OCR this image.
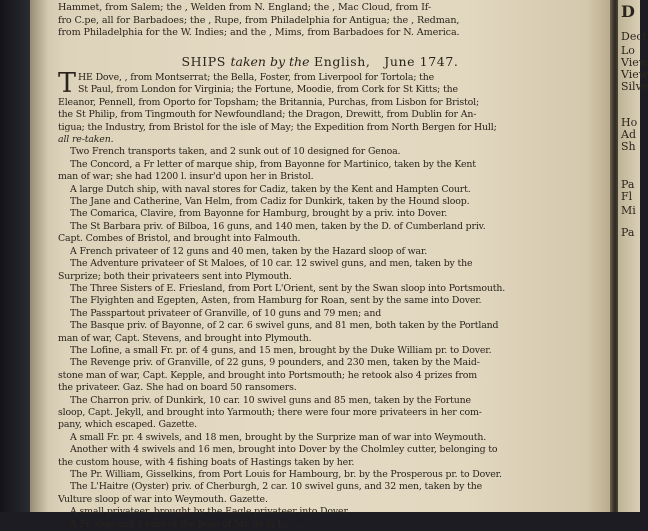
Hammet, from Salem; the , Welden from N. England; the , Mac Cloud, from If-
fro C.pe, all for Barbadoes; the , Rupe, from Philadelphia for Antigua; the , Redman,
from Philadelphia for the W. Indies; and the , Mims, from Barbadoes for N. America.
SHIPS taken by the English, June 1747.
T HE Dove, , from Montserrat; the Bella, Foster, from Liverpool for Tortola; the
St Paul, from London for Virginia; the Fortune, Moodie, from Cork for St Kitts; the
Eleanor, Pennell, from Oporto for Topsham; the Britannia, Purchas, from Lisbon for Bristol;
the St Philip, from Tingmouth for Newfoundland; the Dragon, Drewitt, from Dublin for An-
tigua; the Industry, from Bristol for the isle of May; the Expedition from North Bergen for Hull;
all re-taken.
Two French transports taken, and 2 sunk out of 10 designed for Genoa.
The Concord, a Fr letter of marque ship, from Bayonne for Martinico, taken by the Kent
man of war; she had 1200 l. insur'd upon her in Bristol.
A large Dutch ship, with naval stores for Cadiz, taken by the Kent and Hampten Court.
The Jane and Catherine, Van Helm, from Cadiz for Dunkirk, taken by the Hound sloop.
The Comarica, Clavire, from Bayonne for Hamburg, brought by a priv. into Dover.
The St Barbara priv. of Bilboa, 16 guns, and 140 men, taken by the D. of Cumberland priv.
Capt. Combes of Bristol, and brought into Falmouth.
A French privateer of 12 guns and 40 men, taken by the Hazard sloop of war.
The Adventure privateer of St Maloes, of 10 car. 12 swivel guns, and men, taken by the
Surprize; both their privateers sent into Plymouth.
The Three Sisters of E. Friesland, from Port L'Orient, sent by the Swan sloop into Portsmouth.
The Flyighten and Egepten, Asten, from Hamburg for Roan, sent by the same into Dover.
The Passpartout privateer of Granville, of 10 guns and 79 men; and
The Basque priv. of Bayonne, of 2 car. 6 swivel guns, and 81 men, both taken by the Portland
man of war, Capt. Stevens, and brought into Plymouth.
The Lofine, a small Fr. pr. of 4 guns, and 15 men, brought by the Duke William pr. to Dover.
The Revenge priv. of Granville, of 22 guns, 9 pounders, and 230 men, taken by the Maid-
stone man of war, Capt. Kepple, and brought into Portsmouth; he retook also 4 prizes from
the privateer. Gaz. She had on board 50 ransomers.
The Charron priv. of Dunkirk, 10 car. 10 swivel guns and 85 men, taken by the Fortune
sloop, Capt. Jekyll, and brought into Yarmouth; there were four more privateers in her com-
pany, which escaped. Gazette.
A small Fr. pr. 4 swivels, and 18 men, brought by the Surprize man of war into Weymouth.
Another with 4 swivels and 16 men, brought into Dover by the Cholmley cutter, belonging to
the custom house, with 4 fishing boats of Hastings taken by her.
The Pr. William, Gisselkins, from Port Louis for Hambourg, br. by the Prosperous pr. to Dover.
The L'Haitre (Oyster) priv. of Cherburgh, 2 car. 10 swivel guns, and 32 men, taken by the
Vulture sloop of war into Weymouth. Gazette.
A small privateer, brought by the Eagle privateer into Dover.
A Fr. ship and 2 tons of the Bose of Mr. de la L... ...
D
Decl
Lo
View
View
Silve
Ho
Ad
Sh
Pa
Fl
Mi
Pa
